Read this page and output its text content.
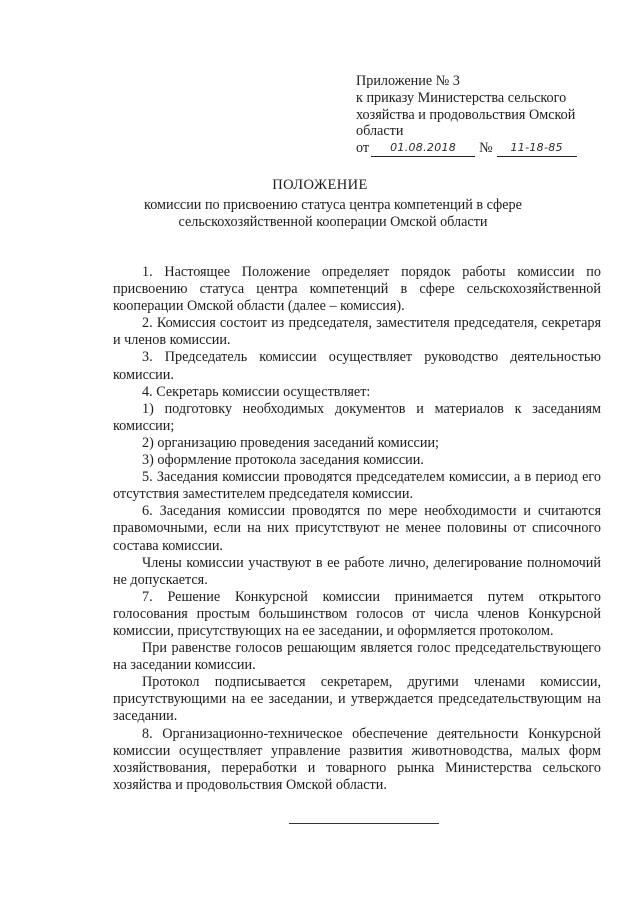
Приложение № 3
к приказу Министерства сельского
хозяйства и продовольствия Омской
области
от	01.08.2018	№	11-18-85
ПОЛОЖЕНИЕ
комиссии по присвоению статуса центра компетенций в сфере сельскохозяйственной кооперации Омской области

1. Настоящее Положение определяет порядок работы комиссии по присвоению статуса центра компетенций в сфере сельскохозяйственной кооперации Омской области (далее – комиссия).

2. Комиссия состоит из председателя, заместителя председателя, секретаря и членов комиссии.

3. Председатель комиссии осуществляет руководство деятельностью комиссии.

4. Секретарь комиссии осуществляет:

1) подготовку необходимых документов и материалов к заседаниям комиссии;

2) организацию проведения заседаний комиссии;

3) оформление протокола заседания комиссии.

5. Заседания комиссии проводятся председателем комиссии, а в период его отсутствия заместителем председателя комиссии.

6. Заседания комиссии проводятся по мере необходимости и считаются правомочными, если на них присутствуют не менее половины от списочного состава комиссии.

Члены комиссии участвуют в ее работе лично, делегирование полномочий не допускается.

7. Решение Конкурсной комиссии принимается путем открытого голосования простым большинством голосов от числа членов Конкурсной комиссии, присутствующих на ее заседании, и оформляется протоколом.

При равенстве голосов решающим является голос председательствующего на заседании комиссии.

Протокол подписывается секретарем, другими членами комиссии, присутствующими на ее заседании, и утверждается председательствующим на заседании.

8. Организационно-техническое обеспечение деятельности Конкурсной комиссии осуществляет управление развития животноводства, малых форм хозяйствования, переработки и товарного рынка Министерства сельского хозяйства и продовольствия Омской области.
